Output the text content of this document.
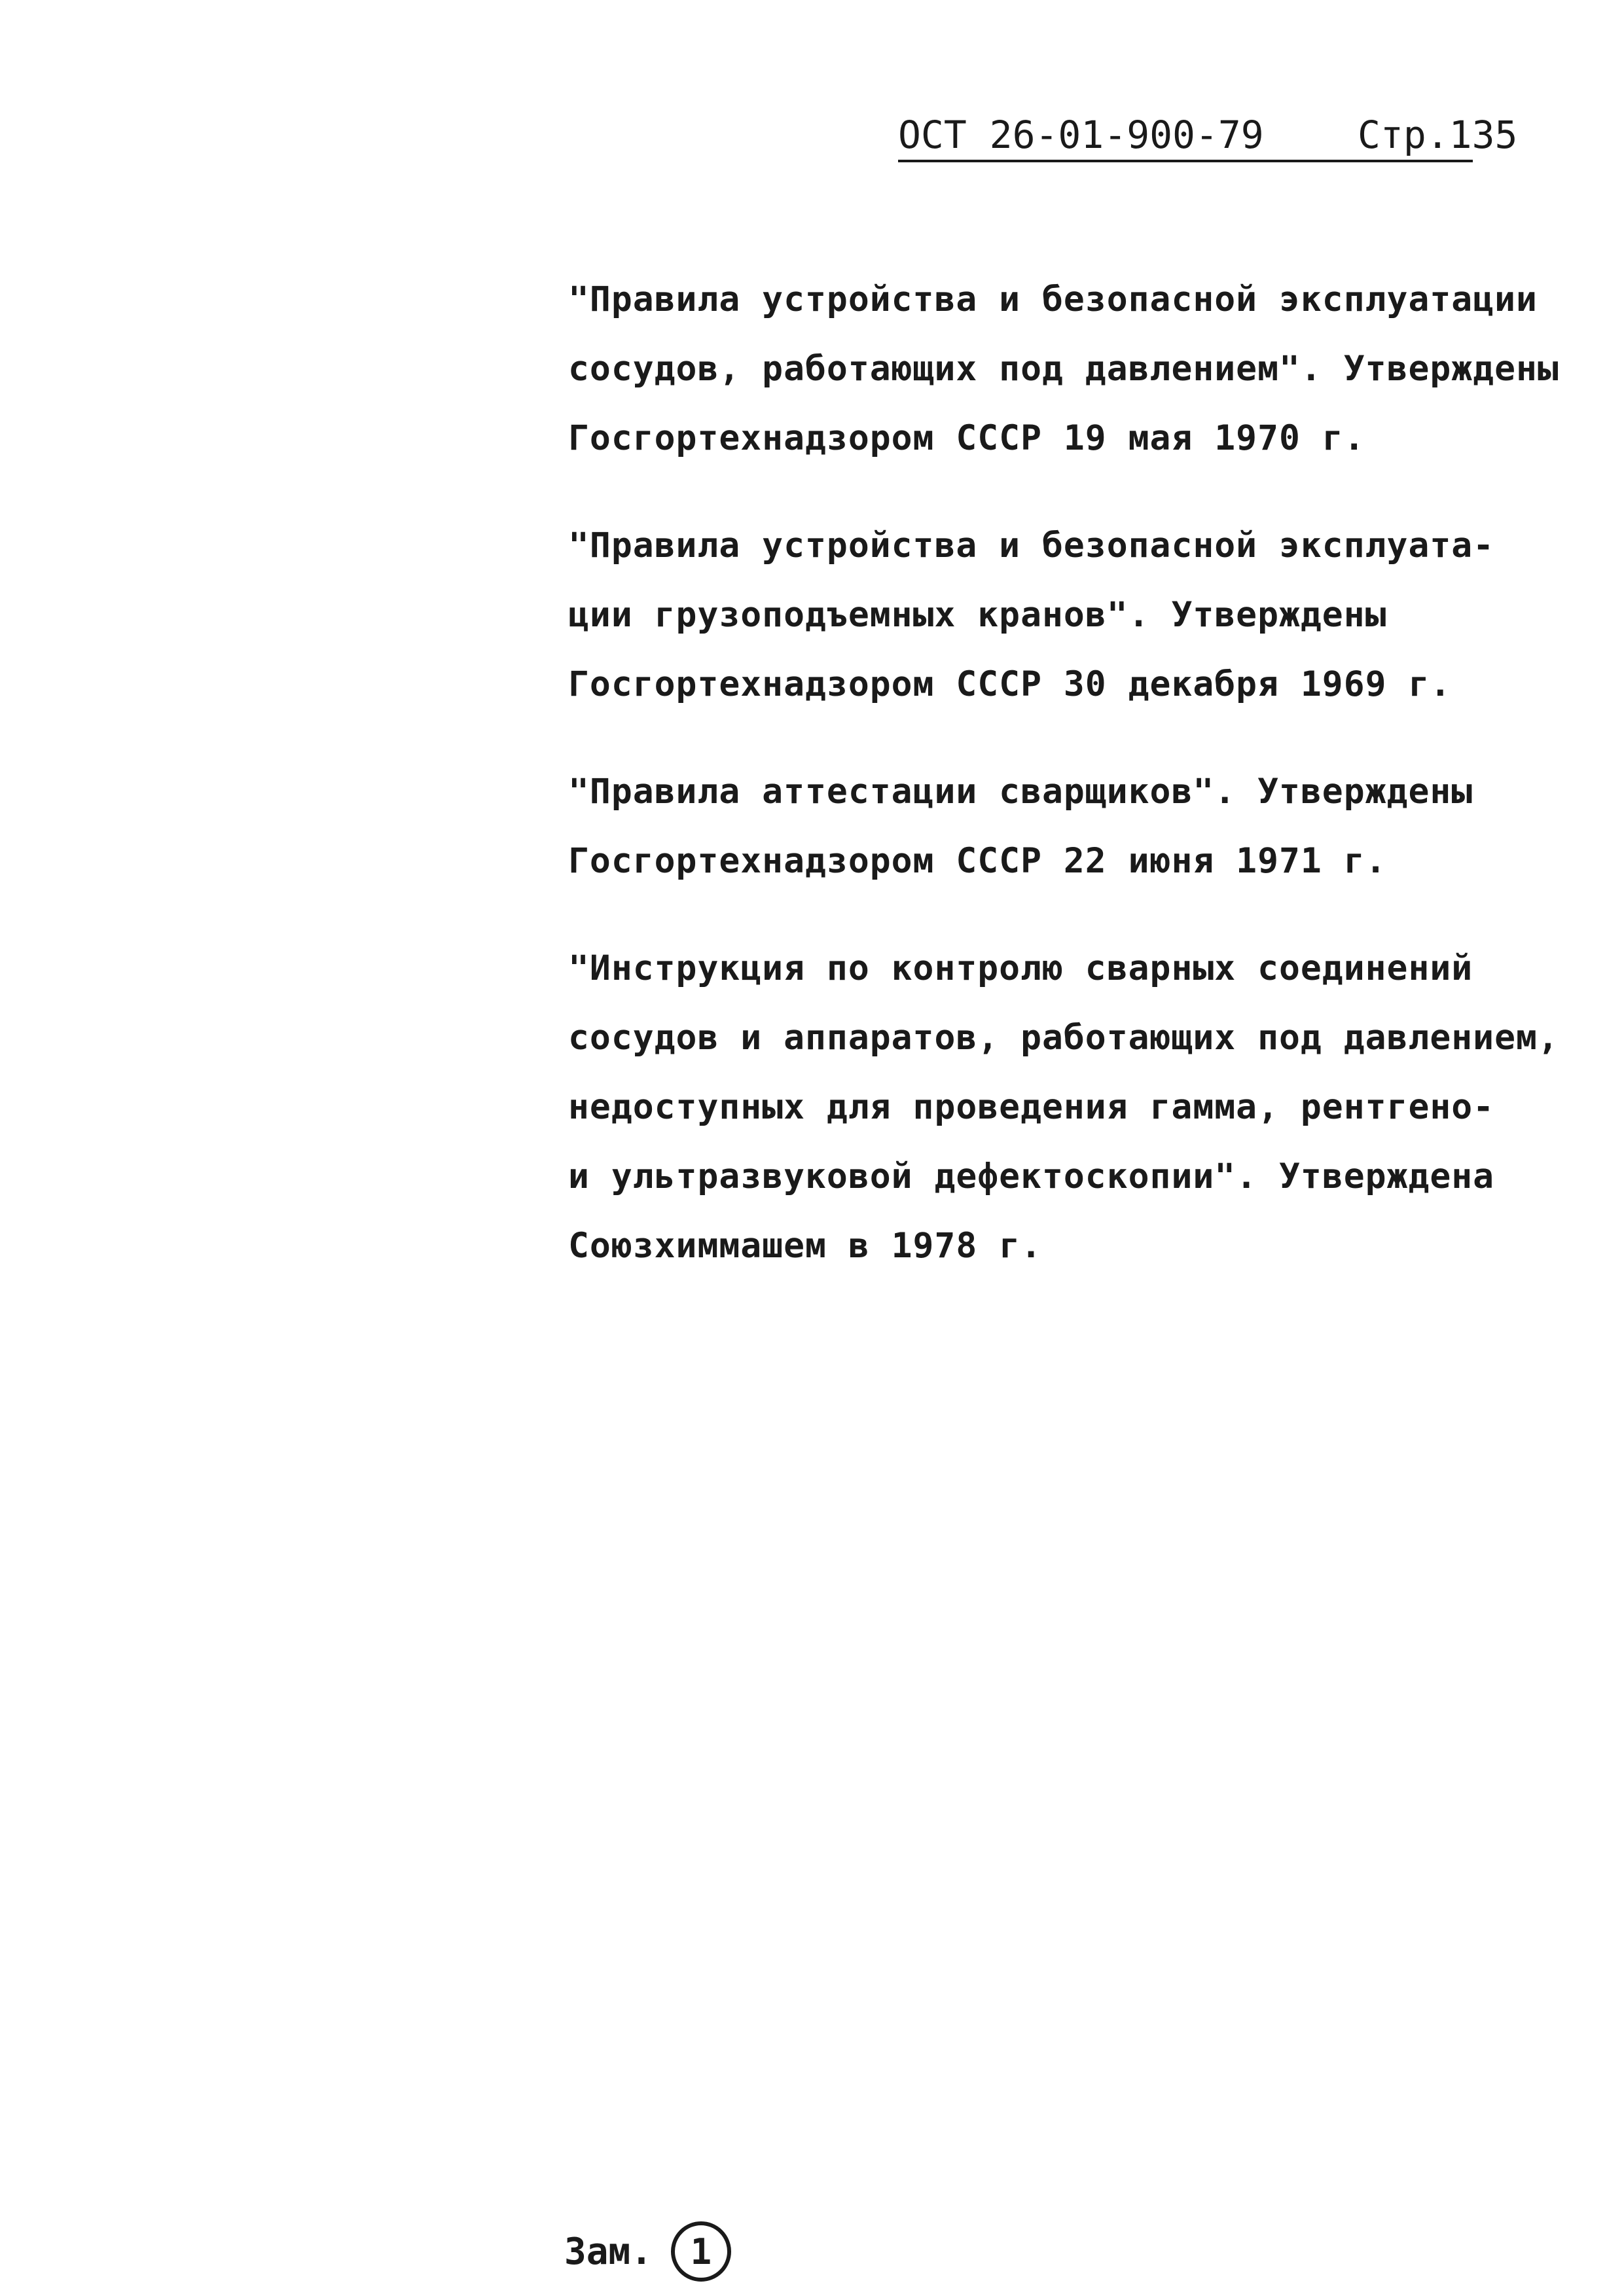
ОСТ 26-01-900-79 Стр.135
"Правила устройства и безопасной эксплуатации
сосудов, работающих под давлением". Утверждены
Госгортехнадзором СССР 19 мая 1970 г.
"Правила устройства и безопасной эксплуата-
ции грузоподъемных кранов". Утверждены
Госгортехнадзором СССР 30 декабря 1969 г.
"Правила аттестации сварщиков". Утверждены
Госгортехнадзором СССР 22 июня 1971 г.
"Инструкция по контролю сварных соединений
сосудов и аппаратов, работающих под давлением,
недоступных для проведения гамма, рентгено-
и ультразвуковой дефектоскопии". Утверждена
Союзхиммашем в 1978 г.
Зам. 1
